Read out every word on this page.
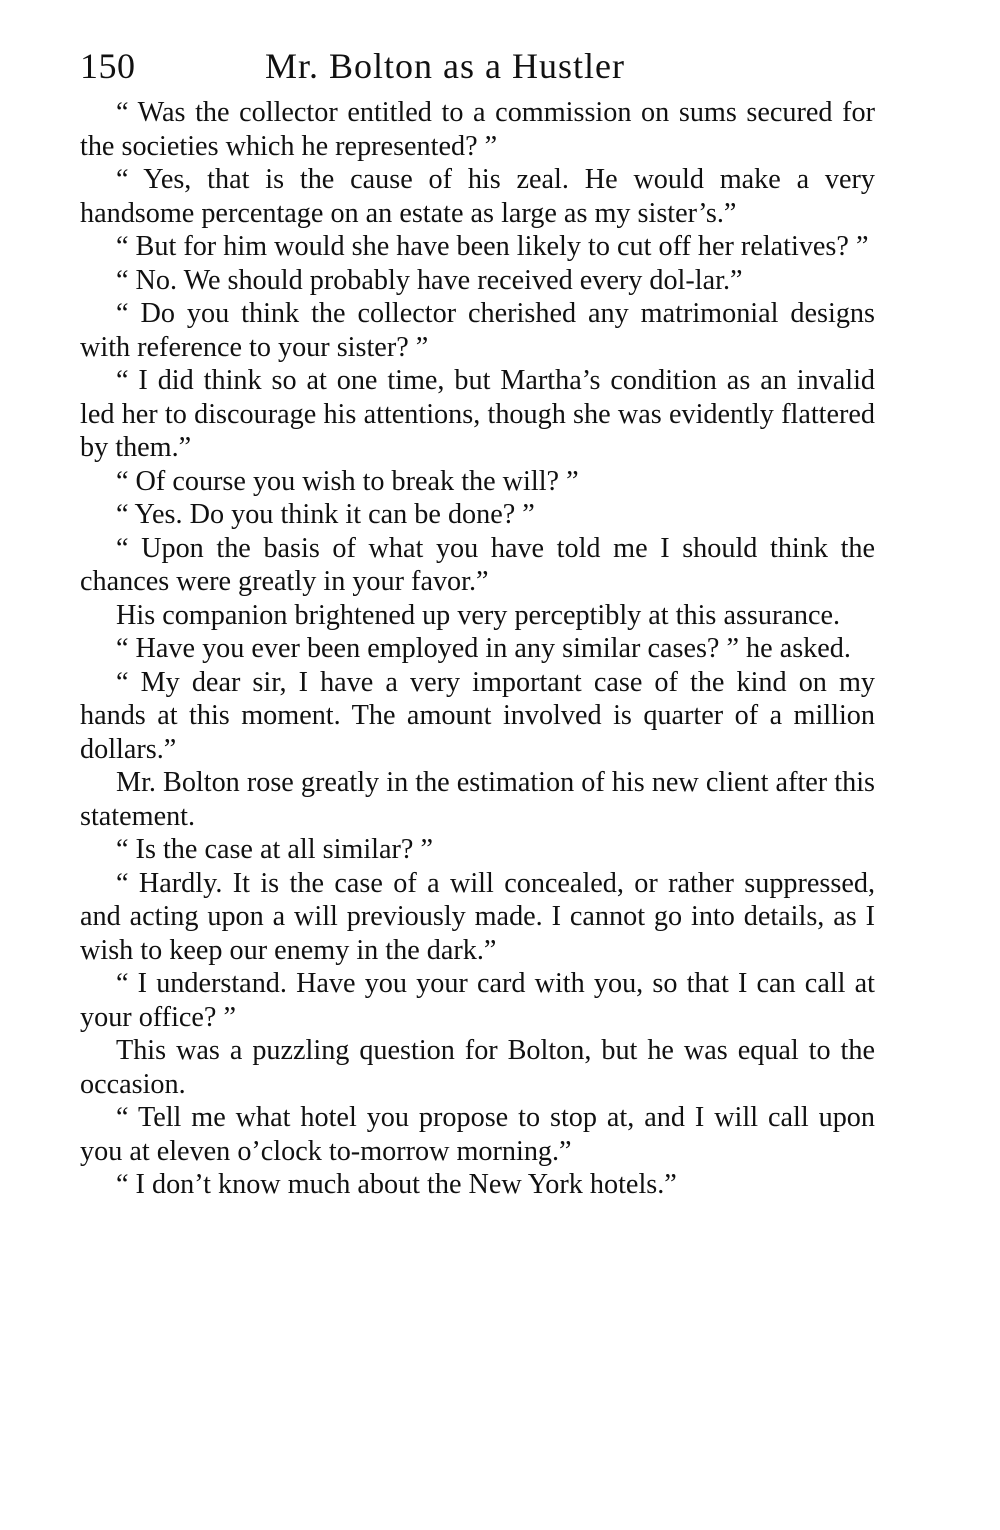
150	Mr. Bolton as a Hustler

“ Was the collector entitled to a commission on sums secured for the societies which he represented? ”

“ Yes, that is the cause of his zeal. He would make a very handsome percentage on an estate as large as my sister’s.”

“ But for him would she have been likely to cut off her relatives? ”

“ No. We should probably have received every dol-lar.”

“ Do you think the collector cherished any matrimonial designs with reference to your sister? ”

“ I did think so at one time, but Martha’s condition as an invalid led her to discourage his attentions, though she was evidently flattered by them.”

“ Of course you wish to break the will? ”

“ Yes. Do you think it can be done? ”

“ Upon the basis of what you have told me I should think the chances were greatly in your favor.”

His companion brightened up very perceptibly at this assurance.

“ Have you ever been employed in any similar cases? ” he asked.

“ My dear sir, I have a very important case of the kind on my hands at this moment. The amount involved is quarter of a million dollars.”

Mr. Bolton rose greatly in the estimation of his new client after this statement.

“ Is the case at all similar? ”

“ Hardly. It is the case of a will concealed, or rather suppressed, and acting upon a will previously made. I cannot go into details, as I wish to keep our enemy in the dark.”

“ I understand. Have you your card with you, so that I can call at your office? ”

This was a puzzling question for Bolton, but he was equal to the occasion.

“ Tell me what hotel you propose to stop at, and I will call upon you at eleven o’clock to-morrow morning.”

“ I don’t know much about the New York hotels.”
